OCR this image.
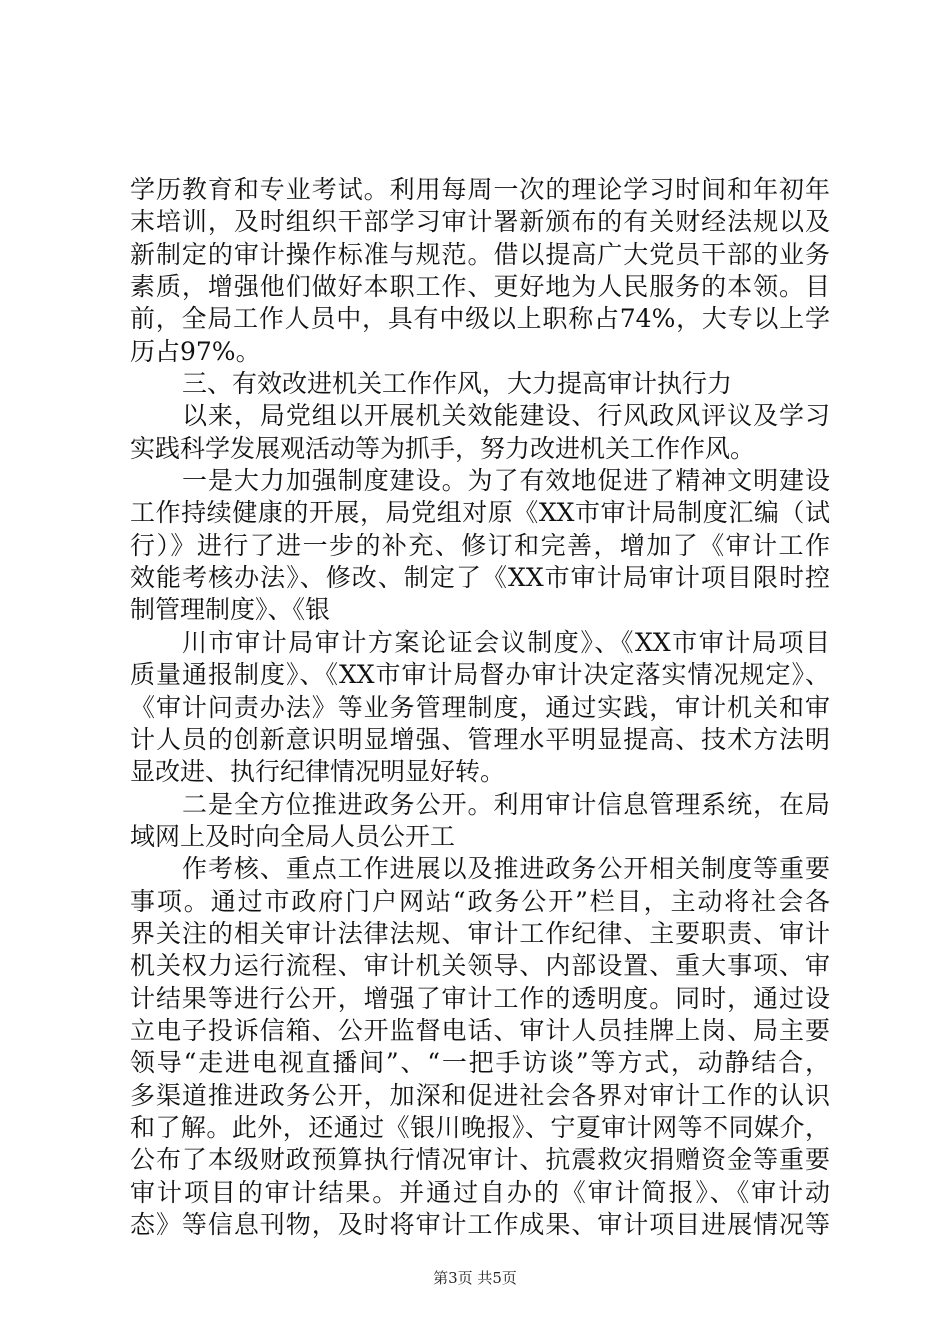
学历教育和专业考试。利用每周一次的理论学习时间和年初年
末培训，及时组织干部学习审计署新颁布的有关财经法规以及
新制定的审计操作标准与规范。借以提高广大党员干部的业务
素质，增强他们做好本职工作、更好地为人民服务的本领。目
前，全局工作人员中，具有中级以上职称占74%，大专以上学
历占97%。
三、有效改进机关工作作风，大力提高审计执行力
以来，局党组以开展机关效能建设、行风政风评议及学习
实践科学发展观活动等为抓手，努力改进机关工作作风。
一是大力加强制度建设。为了有效地促进了精神文明建设
工作持续健康的开展，局党组对原《XX市审计局制度汇编（试
行）》进行了进一步的补充、修订和完善，增加了《审计工作
效能考核办法》、修改、制定了《XX市审计局审计项目限时控
制管理制度》、《银
川市审计局审计方案论证会议制度》、《XX市审计局项目
质量通报制度》、《XX市审计局督办审计决定落实情况规定》、
《审计问责办法》等业务管理制度，通过实践，审计机关和审
计人员的创新意识明显增强、管理水平明显提高、技术方法明
显改进、执行纪律情况明显好转。
二是全方位推进政务公开。利用审计信息管理系统，在局
域网上及时向全局人员公开工
作考核、重点工作进展以及推进政务公开相关制度等重要
事项。通过市政府门户网站“政务公开”栏目，主动将社会各
界关注的相关审计法律法规、审计工作纪律、主要职责、审计
机关权力运行流程、审计机关领导、内部设置、重大事项、审
计结果等进行公开，增强了审计工作的透明度。同时，通过设
立电子投诉信箱、公开监督电话、审计人员挂牌上岗、局主要
领导“走进电视直播间”、“一把手访谈”等方式，动静结合，
多渠道推进政务公开，加深和促进社会各界对审计工作的认识
和了解。此外，还通过《银川晚报》、宁夏审计网等不同媒介，
公布了本级财政预算执行情况审计、抗震救灾捐赠资金等重要
审计项目的审计结果。并通过自办的《审计简报》、《审计动
态》等信息刊物，及时将审计工作成果、审计项目进展情况等
第3页 共5页
